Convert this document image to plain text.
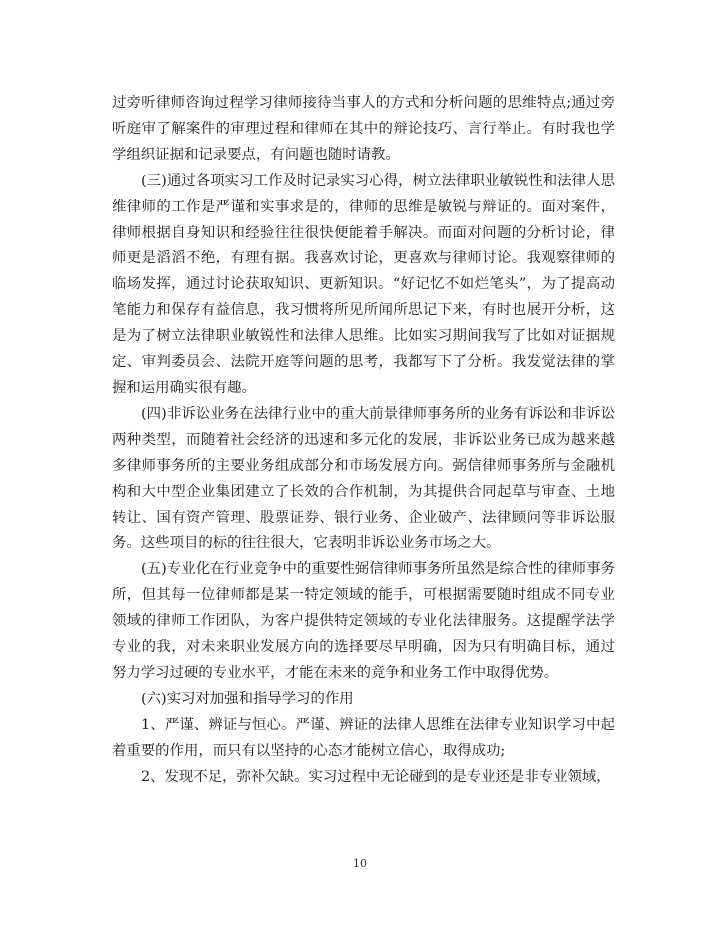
过旁听律师咨询过程学习律师接待当事人的方式和分析问题的思维特点;通过旁听庭审了解案件的审理过程和律师在其中的辩论技巧、言行举止。有时我也学学组织证据和记录要点，有问题也随时请教。

(三)通过各项实习工作及时记录实习心得，树立法律职业敏锐性和法律人思维律师的工作是严谨和实事求是的，律师的思维是敏锐与辩证的。面对案件，律师根据自身知识和经验往往很快便能着手解决。而面对问题的分析讨论，律师更是滔滔不绝，有理有据。我喜欢讨论，更喜欢与律师讨论。我观察律师的临场发挥，通过讨论获取知识、更新知识。“好记忆不如烂笔头”，为了提高动笔能力和保存有益信息，我习惯将所见所闻所思记下来，有时也展开分析，这是为了树立法律职业敏锐性和法律人思维。比如实习期间我写了比如对证据规定、审判委员会、法院开庭等问题的思考，我都写下了分析。我发觉法律的掌握和运用确实很有趣。

(四)非诉讼业务在法律行业中的重大前景律师事务所的业务有诉讼和非诉讼两种类型，而随着社会经济的迅速和多元化的发展，非诉讼业务已成为越来越多律师事务所的主要业务组成部分和市场发展方向。弼信律师事务所与金融机构和大中型企业集团建立了长效的合作机制，为其提供合同起草与审查、土地转让、国有资产管理、股票证券、银行业务、企业破产、法律顾问等非诉讼服务。这些项目的标的往往很大，它表明非诉讼业务市场之大。

(五)专业化在行业竞争中的重要性弼信律师事务所虽然是综合性的律师事务所，但其每一位律师都是某一特定领域的能手，可根据需要随时组成不同专业领域的律师工作团队，为客户提供特定领域的专业化法律服务。这提醒学法学专业的我，对未来职业发展方向的选择要尽早明确，因为只有明确目标，通过努力学习过硬的专业水平，才能在未来的竞争和业务工作中取得优势。

(六)实习对加强和指导学习的作用

1、严谨、辨证与恒心。严谨、辨证的法律人思维在法律专业知识学习中起着重要的作用，而只有以坚持的心态才能树立信心，取得成功;

2、发现不足，弥补欠缺。实习过程中无论碰到的是专业还是非专业领域，

10
